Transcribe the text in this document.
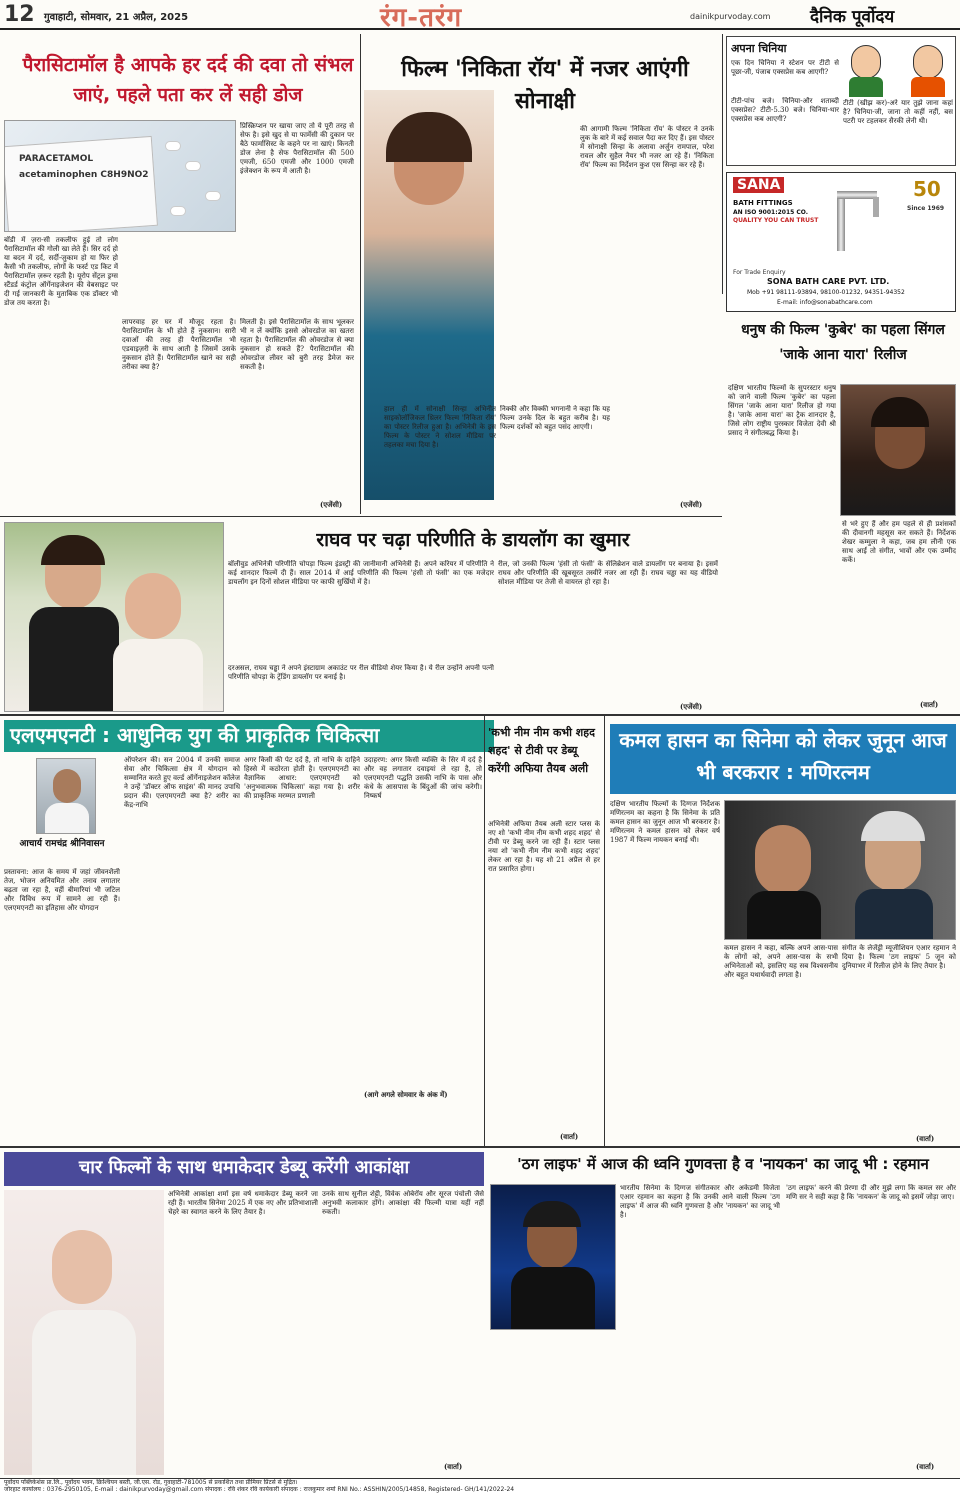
12 गुवाहाटी, सोमवार, 21 अप्रैल, 2025	रंग-तरंग	dainikpurvoday.com दैनिक पूर्वोदय
पैरासिटामॉल है आपके हर दर्द की दवा तो संभल जाएं, पहले पता कर लें सही डोज
PARACETAMOL acetaminophen C8H9NO2
बॉडी में ज़रा-सी तकलीफ हुई तो लोग पैरासिटामॉल की गोली खा लेते हैं। सिर दर्द हो या बदन में दर्द, सर्दी-जुकाम हो या फिर हो कैसी भी तकलीफ, लोगों के फर्स्ट एड किट में पैरासिटामॉल ज़रूर रहती है। यूरोप सेंट्रल ड्रग्स स्टैंडर्ड कंट्रोल ऑर्गेनाइजेशन की वेबसाइट पर दी गई जानकारी के मुताबिक एक डॉक्टर भी डोज तय करता है।
प्रिस्क्रिप्शन पर खाया जाए तो ये पूरी तरह से सेफ है। इसे खुद से या फार्मेसी की दुकान पर बैठे फार्मासिस्ट के कहने पर ना खाएं। किनती डोज लेना है सेफ पैरासिटामॉल की 500 एमजी, 650 एमजी और 1000 एमजी इंजेक्शन के रूप में आती है।
लापरवाह हर घर में मौजूद रहता है। पैरासिटामॉल के भी होते हैं नुकसान। सारी दवाओं की तरह ही पैरासिटामॉल भी एडवाइज़री के साथ आती है जिसमें उसके नुकसान होते हैं। पैरासिटामॉल खाने का सही तरीका क्या है?
मिलती है। इसे पैरासिटामॉल के साथ भूलकर भी न लें क्योंकि इससे ओवरडोज का खतरा रहता है। पैरासिटामॉल की ओवरडोज से क्या नुकसान हो सकते हैं? पैरासिटामॉल की ओवरडोज लीवर को बुरी तरह डैमेज कर सकती है।
(एजेंसी)
फिल्म 'निकिता रॉय' में नजर आएंगी सोनाक्षी
की आगामी फिल्म 'निकिता रॉय' के पोस्टर ने उनके लुक के बारे में कई सवाल पैदा कर दिए हैं। इस पोस्टर में सोनाक्षी सिन्हा के अलावा अर्जुन रामपाल, परेश रावल और सुहैल नैयर भी नजर आ रहे हैं। 'निकिता रॉय' फिल्म का निर्देशन कुश एस सिन्हा कर रहे हैं।
हाल ही में सोनाक्षी सिन्हा अभिनीत साइकोलॉजिकल थ्रिलर फिल्म 'निकिता रॉय' का पोस्टर रिलीज हुआ है। अभिनेत्री के इस फिल्म के पोस्टर ने सोशल मीडिया पर तहलका मचा दिया है।
निक्की और विक्की भगनानी ने कहा कि यह फिल्म उनके दिल के बहुत करीब है। यह फिल्म दर्शकों को बहुत पसंद आएगी।
(एजेंसी)
अपना चिनिया
एक दिन चिनिया ने स्टेशन पर टीटी से पूछा-जी, पंजाब एक्सप्रेस कब आएगी?
टीटी-पांच बजे। चिनिया-और शताब्दी एक्सप्रेस? टीटी-5.30 बजे। चिनिया-थार एक्सप्रेस कब आएगी?
टीटी (खीझ कर)-अरे यार तुझे जाना कहां है? चिनिया-जी, जाना तो कहीं नहीं, बस पटरी पर टहलकर सैरकी लेनी थी।
SANA
BATH FITTINGS
AN ISO 9001:2015 CO.
QUALITY YOU CAN TRUST
50
Since 1969
For Trade Enquiry
SONA BATH CARE PVT. LTD.
Mob +91 98111-93894, 98100-01232, 94351-94352
E-mail: info@sonabathcare.com
धनुष की फिल्म 'कुबेर' का पहला सिंगल 'जाके आना यारा' रिलीज
दक्षिण भारतीय फिल्मों के सुपरस्टार धनुष को जाने वाली फिल्म 'कुबेर' का पहला सिंगल 'जाके आना यारा' रिलीज हो गया है। 'जाके आना यारा' का ट्रैक शानदार है, जिसे लोग राष्ट्रीय पुरस्कार विजेता देवी श्री प्रसाद ने संगीतबद्ध किया है।
से भरे हुए हैं और हम पहले से ही प्रशंसकों की दीवानगी महसूस कर सकते हैं। निर्देशक शेखर कम्मुला ने कहा, जब हम लीनी एक साथ आईं तो संगीत, भावों और एक उम्मीद कर्के।
(वार्ता)
राघव पर चढ़ा परिणीति के डायलॉग का खुमार
बॉलीवुड अभिनेत्री परिणीति चोपड़ा फिल्म इंडस्ट्री की जानीमानी अभिनेत्री हैं। अपने करियर में परिणीति ने कई शानदार फिल्में दी हैं। साल 2014 में आई परिणीति की फिल्म 'हंसी तो फंसी' का एक मजेदार डायलॉग इन दिनों सोशल मीडिया पर काफी सुर्खियों में है।
दरअसल, राघव चड्ढा ने अपने इंस्टाग्राम अकाउंट पर रील वीडियो शेयर किया है। ये रील उन्होंने अपनी पत्नी परिणीति चोपड़ा के ट्रेंडिंग डायलॉग पर बनाई है।
रील, जो उनकी फिल्म 'हंसी तो फंसी' के सेलिब्रेशन वाले डायलॉग पर बनाया है। इसमें राघव और परिणीति की खूबसूरत तस्वीरें नजर आ रही हैं। राघव चड्ढा का यह वीडियो सोशल मीडिया पर तेजी से वायरल हो रहा है।
(एजेंसी)
एलएमएनटी : आधुनिक युग की प्राकृतिक चिकित्सा
आचार्य रामचंद्र श्रीनिवासन
प्रस्तावना: आज के समय में जहां जीवनशैली तेज, भोजन अनियमित और तनाव लगातार बढ़ता जा रहा है, वहीं बीमारियां भी जटिल और विविध रूप में सामने आ रही हैं। एलएमएनटी का इतिहास और योगदान
ऑपरेशन की। सन 2004 में उनकी समाज सेवा और चिकित्सा क्षेत्र में योगदान को सम्मानित करते हुए वर्ल्ड ऑर्गेनाइजेशन कॉलेज ने उन्हें 'डॉक्टर ऑफ साइंस' की मानद उपाधि प्रदान की। एलएमएनटी क्या है? शरीर का केंद्र-नाभि
अगर किसी की पेट दर्द है, तो नाभि के दाहिने हिस्से में कठोरता होती है। एलएमएनटी का वैज्ञानिक आधार: एलएमएनटी को 'अनुभवात्मक चिकित्सा' कहा गया है। शरीर की प्राकृतिक मरम्मत प्रणाली
उदाहरण: अगर किसी व्यक्ति के सिर में दर्द है और वह लगातार दवाइयां ले रहा है, तो एलएमएनटी पद्धति उसकी नाभि के पास और कंधे के आसपास के बिंदुओं की जांच करेगी। निष्कर्ष
(आगे अगले सोमवार के अंक में)
'कभी नीम नीम कभी शहद शहद' से टीवी पर डेब्यू करेंगी अफिया तैयब अली
अभिनेत्री अफिया तैयब अली स्टार प्लस के नए शो 'कभी नीम नीम कभी शहद शहद' से टीवी पर डेब्यू करने जा रही हैं। स्टार प्लस नया शो 'कभी नीम नीम कभी शहद शहद' लेकर आ रहा है। यह शो 21 अप्रैल से हर रात प्रसारित होगा।
(वार्ता)
कमल हासन का सिनेमा को लेकर जुनून आज भी बरकरार : मणिरत्नम
दक्षिण भारतीय फिल्मों के दिग्गज निर्देशक मणिरत्नम का कहना है कि सिनेमा के प्रति कमल हासन का जुनून आज भी बरकरार है। मणिरत्नम ने कमल हासन को लेकर वर्ष 1987 में फिल्म नायकन बनाई थी।
कमल हासन ने कहा, बल्कि अपने आस-पास के लोगों को, अपने आस-पास के सभी अभिनेताओं को, इसलिए यह सब विश्वसनीय और बहुत यथार्थवादी लगता है।
संगीत के लेजेंड्री म्यूजीशियन एआर रहमान ने दिया है। फिल्म 'ठग लाइफ' 5 जून को दुनियाभर में रिलीज होने के लिए तैयार है।
(वार्ता)
'ठग लाइफ' में आज की ध्वनि गुणवत्ता है व 'नायकन' का जादू भी : रहमान
भारतीय सिनेमा के दिग्गज संगीतकार और अकेडमी विजेता एआर रहमान का कहना है कि उनकी आने वाली फिल्म 'ठग लाइफ' में आज की ध्वनि गुणवत्ता है और 'नायकन' का जादू भी है।
'ठग लाइफ' करने की प्रेरणा दी और मुझे लगा कि कमल सर और मणि सर ने सही कहा है कि 'नायकन' के जादू को इसमें जोड़ा जाए।
(वार्ता)
चार फिल्मों के साथ धमाकेदार डेब्यू करेंगी आकांक्षा
अभिनेत्री आकांक्षा शर्मा इस वर्ष धमाकेदार डेब्यू करने जा रही हैं। भारतीय सिनेमा 2025 में एक नए और प्रतिभाशाली चेहरे का स्वागत करने के लिए तैयार है।
उनके साथ सुनील शेट्टी, विवेक ओबेरॉय और सूरज पंचोली जैसे अनुभवी कलाकार होंगे। आकांक्षा की फिल्मी यात्रा यहीं नहीं रुकती।
(वार्ता)
पूर्वोदय पब्लिकेशंस प्रा.लि., पूर्वोदय भवन, क्रिश्चियन बस्ती, जी.एस. रोड, गुवाहाटी-781005 से प्रकाशित तथा प्रीमियर प्रिंटर्स से मुद्रित।
जोरहाट कार्यालय : 0376-2950105, E-mail : dainikpurvoday@gmail.com संपादक : रवि शंकर रवि कार्यकारी संपादक : राजकुमार शर्मा RNI No.: ASSHIN/2005/14858, Registered- GH/141/2022-24
